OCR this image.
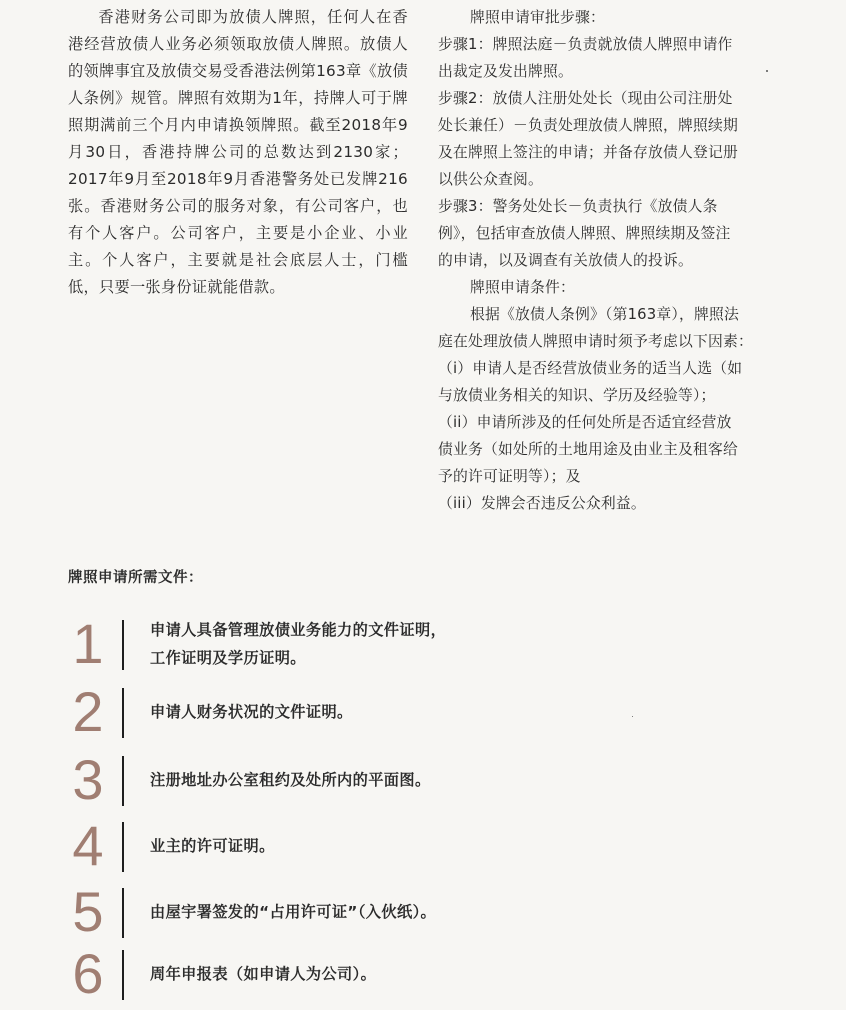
香港财务公司即为放债人牌照，任何人在香港经营放债人业务必须领取放债人牌照。放债人的领牌事宜及放债交易受香港法例第163章《放债人条例》规管。牌照有效期为1年，持牌人可于牌照期满前三个月内申请换领牌照。截至2018年9月30日，香港持牌公司的总数达到2130家；2017年9月至2018年9月香港警务处已发牌216张。香港财务公司的服务对象，有公司客户，也有个人客户。公司客户，主要是小企业、小业主。个人客户，主要就是社会底层人士，门槛低，只要一张身份证就能借款。

牌照申请审批步骤：
步骤1：牌照法庭－负责就放债人牌照申请作
出裁定及发出牌照。
步骤2：放债人注册处处长（现由公司注册处
处长兼任）－负责处理放债人牌照，牌照续期
及在牌照上签注的申请；并备存放债人登记册
以供公众查阅。
步骤3：警务处处长－负责执行《放债人条
例》，包括审查放债人牌照、牌照续期及签注
的申请，以及调查有关放债人的投诉。
牌照申请条件：
根据《放债人条例》（第163章），牌照法
庭在处理放债人牌照申请时须予考虑以下因素：
（i）申请人是否经营放债业务的适当人选（如
与放债业务相关的知识、学历及经验等）；
（ii）申请所涉及的任何处所是否适宜经营放
债业务（如处所的土地用途及由业主及租客给
予的许可证明等）；及
（iii）发牌会否违反公众利益。
牌照申请所需文件：
1	申请人具备管理放债业务能力的文件证明，
工作证明及学历证明。
2	申请人财务状况的文件证明。
3	注册地址办公室租约及处所内的平面图。
4	业主的许可证明。
5	由屋宇署签发的“占用许可证”（入伙纸）。
6	周年申报表（如申请人为公司）。
